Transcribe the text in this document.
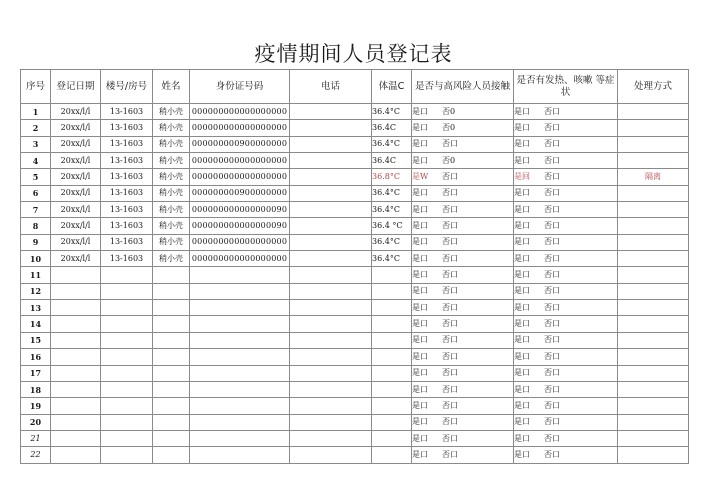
疫情期间人员登记表
序号	登记日期	楼号/房号	姓名	身份证号码	电话	体温C	是否与高风险人员接触	是否有发热、咳嗽 等症状	处理方式
1	20xx/l/l	13-1603	稍小壳	000000000000000000		36.4°C	是口 否0	是口 否口	
2	20xx/l/l	13-1603	稍小壳	000000000000000000		36.4C	是口 否0	是口 否口	
3	20xx/l/l	13-1603	稍小壳	000000000900000000		36.4°C	是口 否口	是口 否口	
4	20xx/l/l	13-1603	稍小壳	000000000000000000		36.4C	是口 否0	是口 否口	
5	20xx/l/l	13-1603	稍小壳	000000000000000000		36.8°C	是W 否口	是回 否口	隔离
6	20xx/l/l	13-1603	稍小壳	000000000900000000		36.4°C	是口 否口	是口 否口	
7	20xx/l/l	13-1603	稍小壳	000000000000000090		36.4°C	是口 否口	是口 否口	
8	20xx/l/l	13-1603	稍小壳	000000000000000090		36.4 °C	是口 否口	是口 否口	
9	20xx/l/l	13-1603	稍小壳	000000000000000000		36.4°C	是口 否口	是口 否口	
10	20xx/l/l	13-1603	稍小壳	000000000000000000		36.4°C	是口 否口	是口 否口	
11							是口 否口	是口 否口	
12							是口 否口	是口 否口	
13							是口 否口	是口 否口	
14							是口 否口	是口 否口	
15							是口 否口	是口 否口	
16							是口 否口	是口 否口	
17							是口 否口	是口 否口	
18							是口 否口	是口 否口	
19							是口 否口	是口 否口	
20							是口 否口	是口 否口	
21							是口 否口	是口 否口	
22							是口 否口	是口 否口	
